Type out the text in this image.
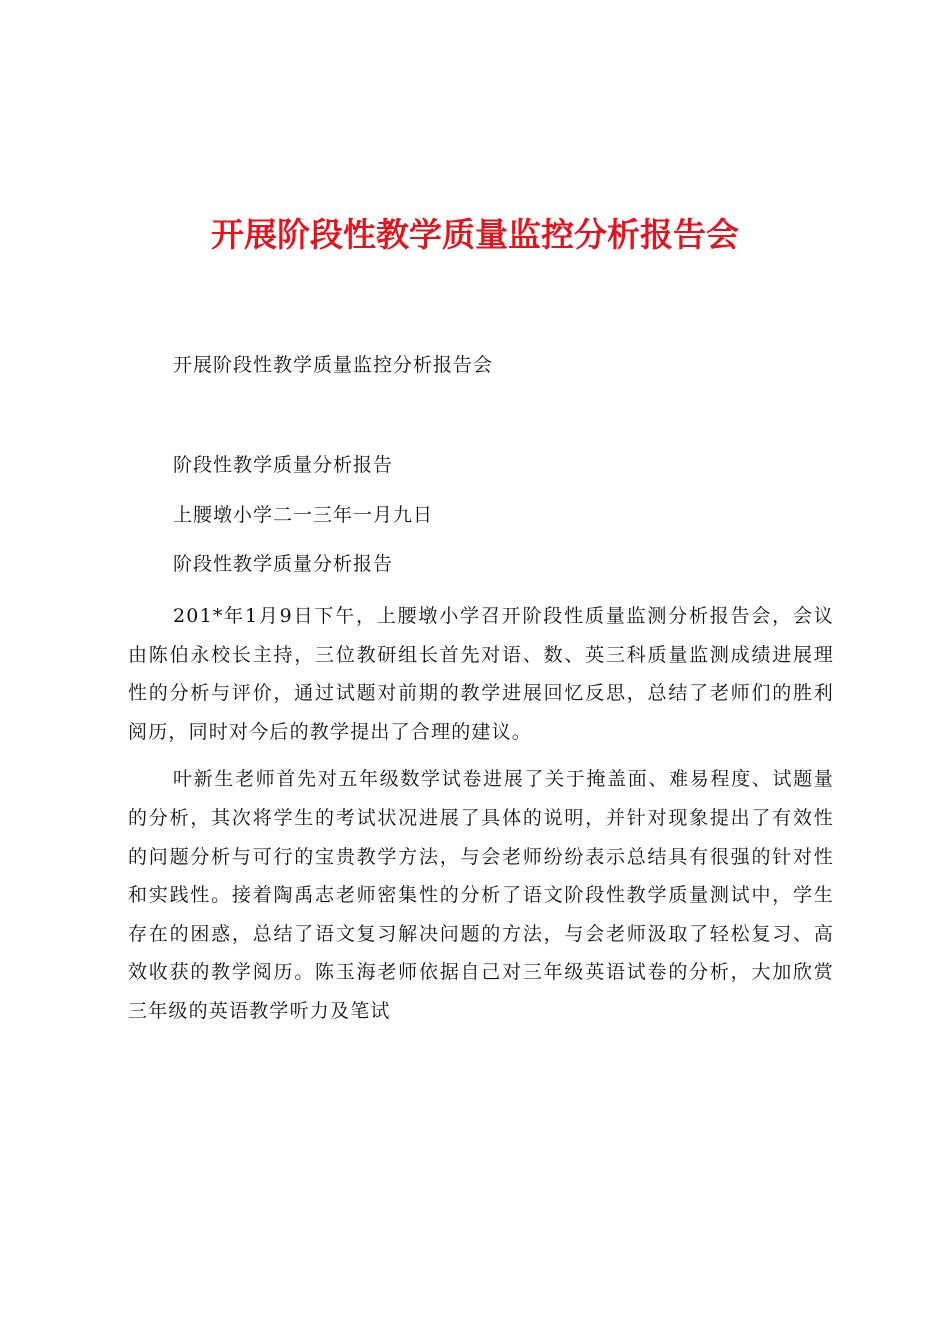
开展阶段性教学质量监控分析报告会
开展阶段性教学质量监控分析报告会
阶段性教学质量分析报告
上腰墩小学二一三年一月九日
阶段性教学质量分析报告

201*年1月9日下午，上腰墩小学召开阶段性质量监测分析报告会，会议由陈伯永校长主持，三位教研组长首先对语、数、英三科质量监测成绩进展理性的分析与评价，通过试题对前期的教学进展回忆反思，总结了老师们的胜利阅历，同时对今后的教学提出了合理的建议。

叶新生老师首先对五年级数学试卷进展了关于掩盖面、难易程度、试题量的分析，其次将学生的考试状况进展了具体的说明，并针对现象提出了有效性的问题分析与可行的宝贵教学方法，与会老师纷纷表示总结具有很强的针对性和实践性。接着陶禹志老师密集性的分析了语文阶段性教学质量测试中，学生存在的困惑，总结了语文复习解决问题的方法，与会老师汲取了轻松复习、高效收获的教学阅历。陈玉海老师依据自己对三年级英语试卷的分析，大加欣赏三年级的英语教学听力及笔试
